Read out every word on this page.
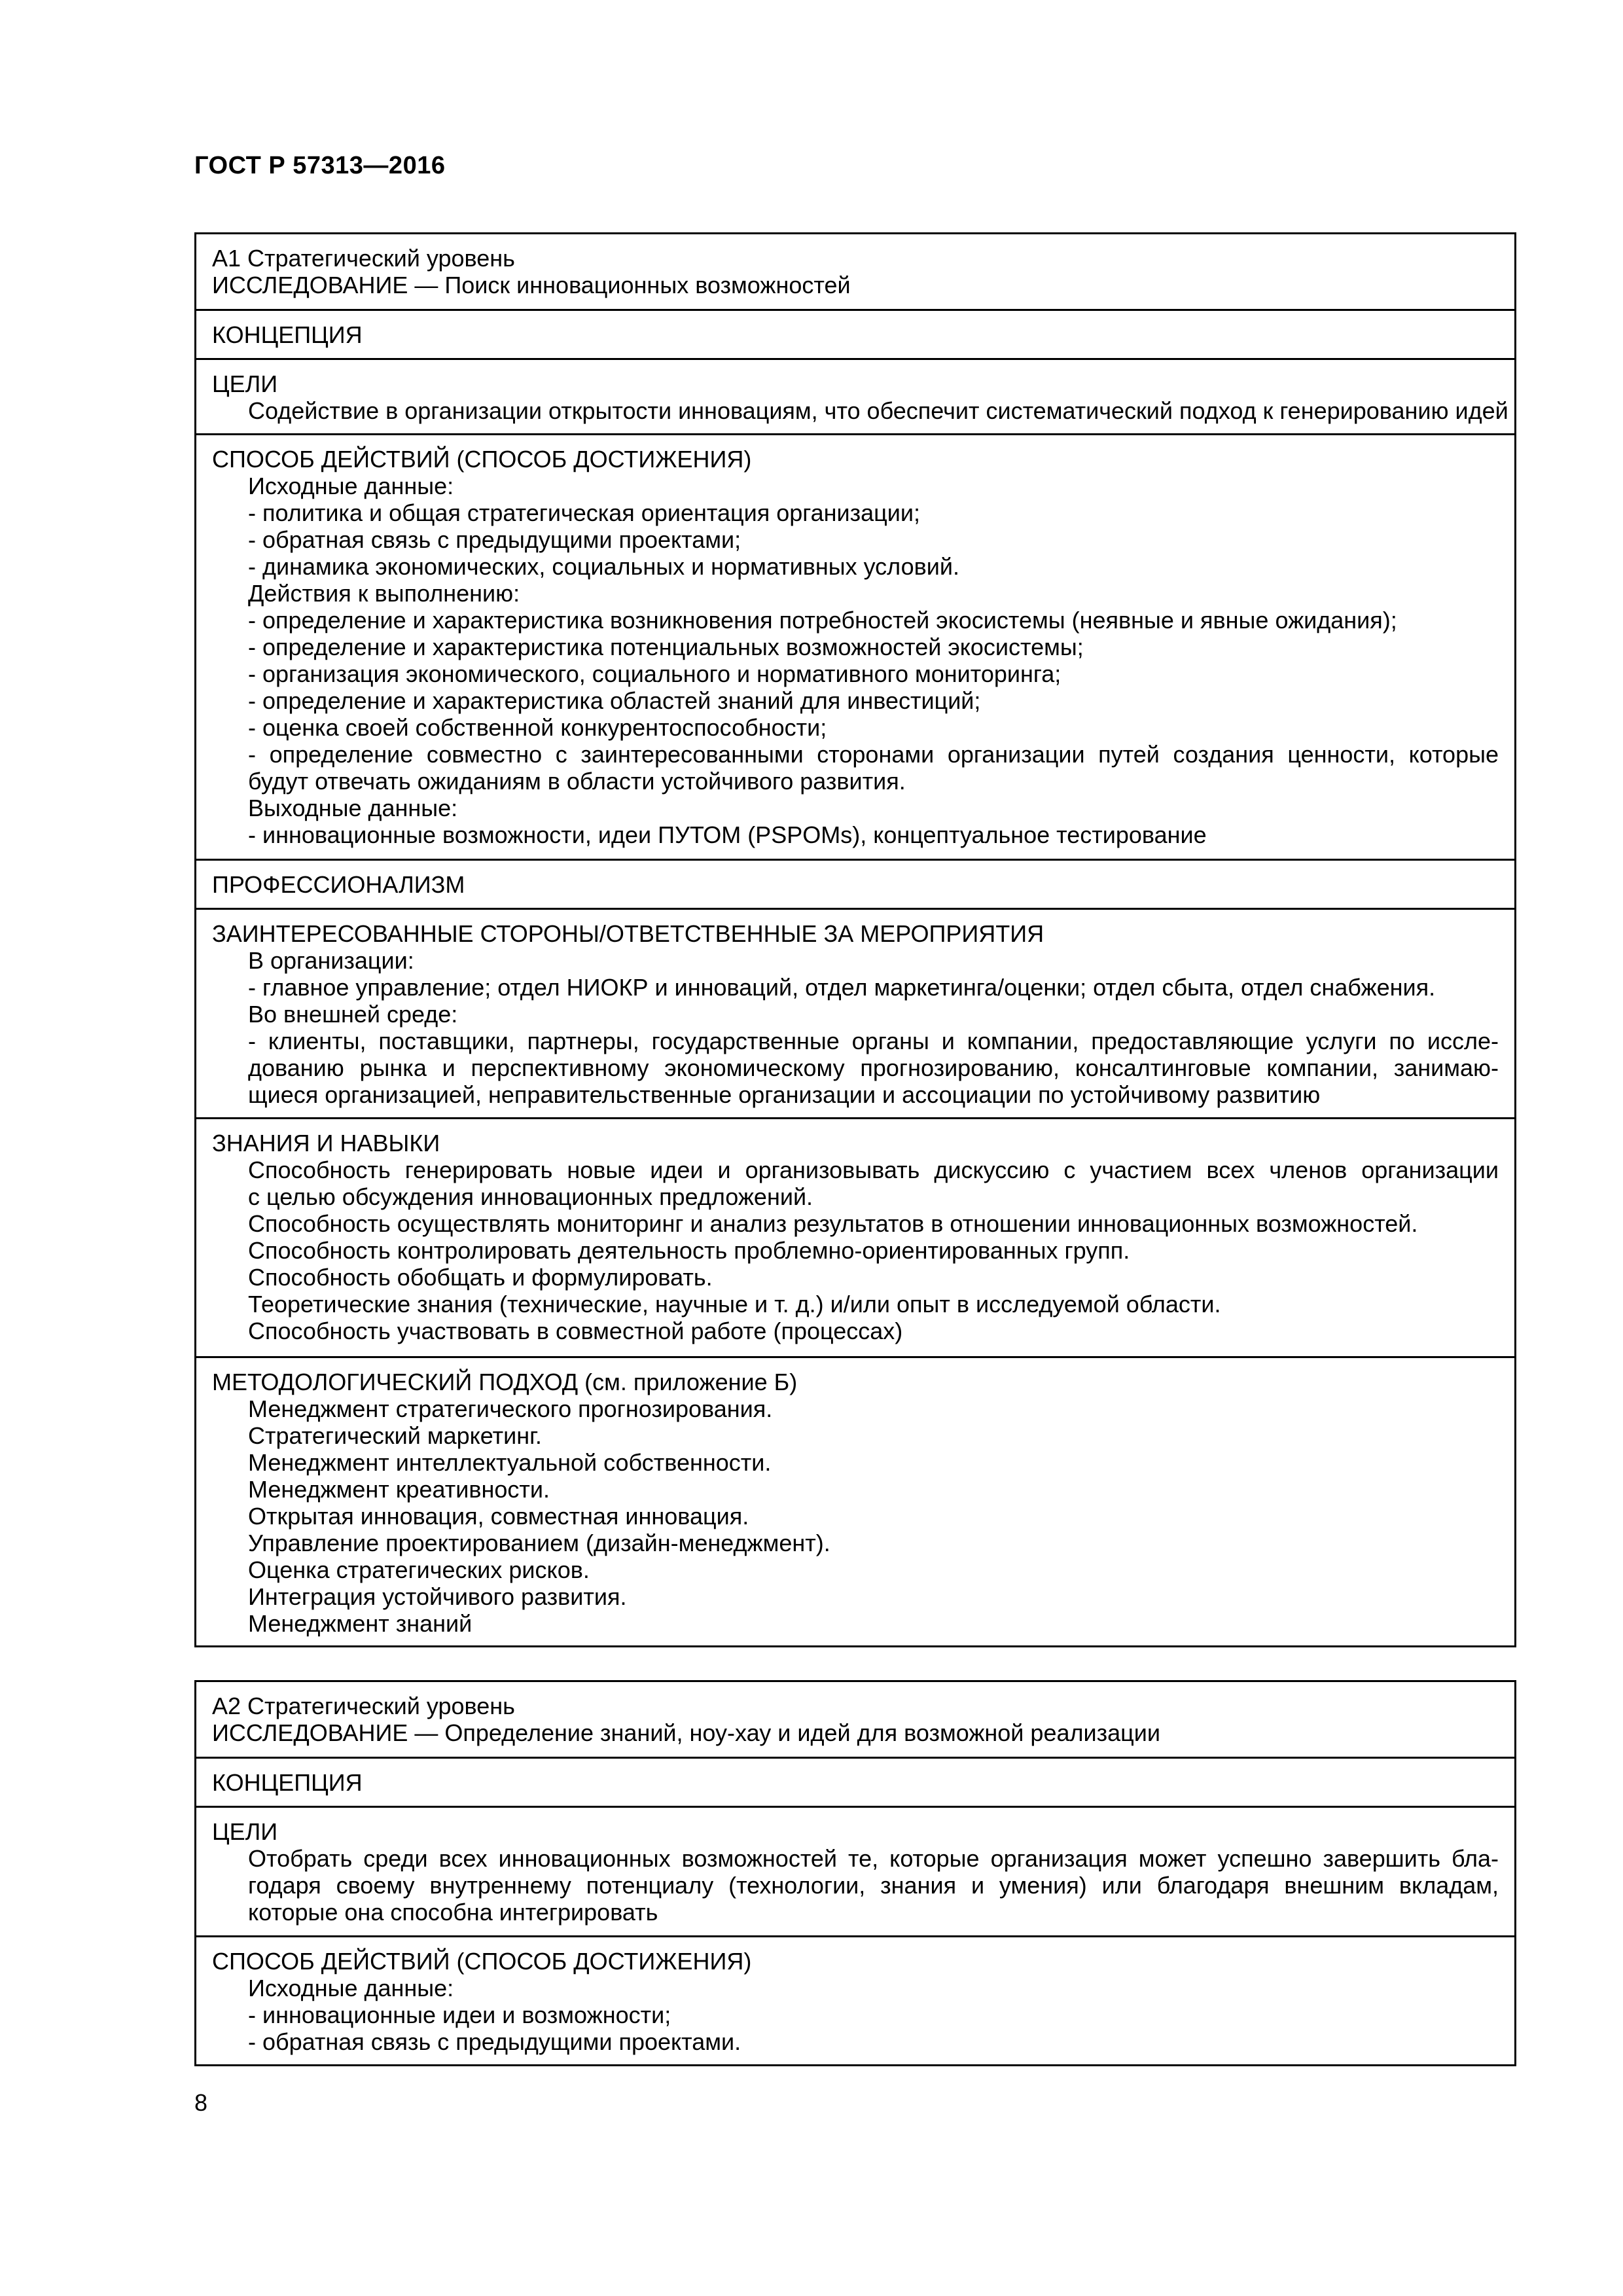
ГОСТ Р 57313—2016
А1 Стратегический уровень
ИССЛЕДОВАНИЕ — Поиск инновационных возможностей
КОНЦЕПЦИЯ
ЦЕЛИ
Содействие в организации открытости инновациям, что обеспечит систематический подход к генерированию идей
СПОСОБ ДЕЙСТВИЙ (СПОСОБ ДОСТИЖЕНИЯ)
Исходные данные:
- политика и общая стратегическая ориентация организации;
- обратная связь с предыдущими проектами;
- динамика экономических, социальных и нормативных условий.
Действия к выполнению:
- определение и характеристика возникновения потребностей экосистемы (неявные и явные ожидания);
- определение и характеристика потенциальных возможностей экосистемы;
- организация экономического, социального и нормативного мониторинга;
- определение и характеристика областей знаний для инвестиций;
- оценка своей собственной конкурентоспособности;
- определение совместно с заинтересованными сторонами организации путей создания ценности, которые
будут отвечать ожиданиям в области устойчивого развития.
Выходные данные:
- инновационные возможности, идеи ПУТОМ (PSPOMs), концептуальное тестирование
ПРОФЕССИОНАЛИЗМ
ЗАИНТЕРЕСОВАННЫЕ СТОРОНЫ/ОТВЕТСТВЕННЫЕ ЗА МЕРОПРИЯТИЯ
В организации:
- главное управление; отдел НИОКР и инноваций, отдел маркетинга/оценки; отдел сбыта, отдел снабжения.
Во внешней среде:
- клиенты, поставщики, партнеры, государственные органы и компании, предоставляющие услуги по иссле-
дованию рынка и перспективному экономическому прогнозированию, консалтинговые компании, занимаю-
щиеся организацией, неправительственные организации и ассоциации по устойчивому развитию
ЗНАНИЯ И НАВЫКИ
Способность генерировать новые идеи и организовывать дискуссию с участием всех членов организации
с целью обсуждения инновационных предложений.
Способность осуществлять мониторинг и анализ результатов в отношении инновационных возможностей.
Способность контролировать деятельность проблемно-ориентированных групп.
Способность обобщать и формулировать.
Теоретические знания (технические, научные и т. д.) и/или опыт в исследуемой области.
Способность участвовать в совместной работе (процессах)
МЕТОДОЛОГИЧЕСКИЙ ПОДХОД (см. приложение Б)
Менеджмент стратегического прогнозирования.
Стратегический маркетинг.
Менеджмент интеллектуальной собственности.
Менеджмент креативности.
Открытая инновация, совместная инновация.
Управление проектированием (дизайн-менеджмент).
Оценка стратегических рисков.
Интеграция устойчивого развития.
Менеджмент знаний
А2 Стратегический уровень
ИССЛЕДОВАНИЕ — Определение знаний, ноу-хау и идей для возможной реализации
КОНЦЕПЦИЯ
ЦЕЛИ
Отобрать среди всех инновационных возможностей те, которые организация может успешно завершить бла-
годаря своему внутреннему потенциалу (технологии, знания и умения) или благодаря внешним вкладам,
которые она способна интегрировать
СПОСОБ ДЕЙСТВИЙ (СПОСОБ ДОСТИЖЕНИЯ)
Исходные данные:
- инновационные идеи и возможности;
- обратная связь с предыдущими проектами.
8
